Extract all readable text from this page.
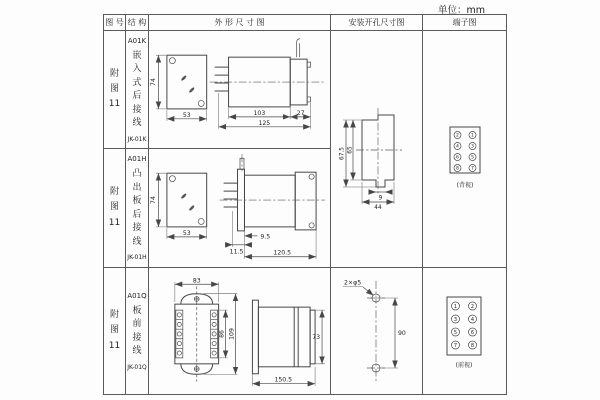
单位：mm
图 号 结 构	外 形 尺 寸 图	安装开孔尺寸图	端子图
附图11
A01K
嵌入式后接线
JK-01K
74
53	103	27
125
67.5 65
9
44
2	1
4	3
6	5
8	7
(背视)
附图11
A01H
凸出板后接线
JK-01H
74
53	9.5
11.5	120.5
附图11
A01Q
板前接线
JK-01Q
83
86 109	73
150.5
90
2×φ5
1	2
3	4
5	6
7	8
(前视)
